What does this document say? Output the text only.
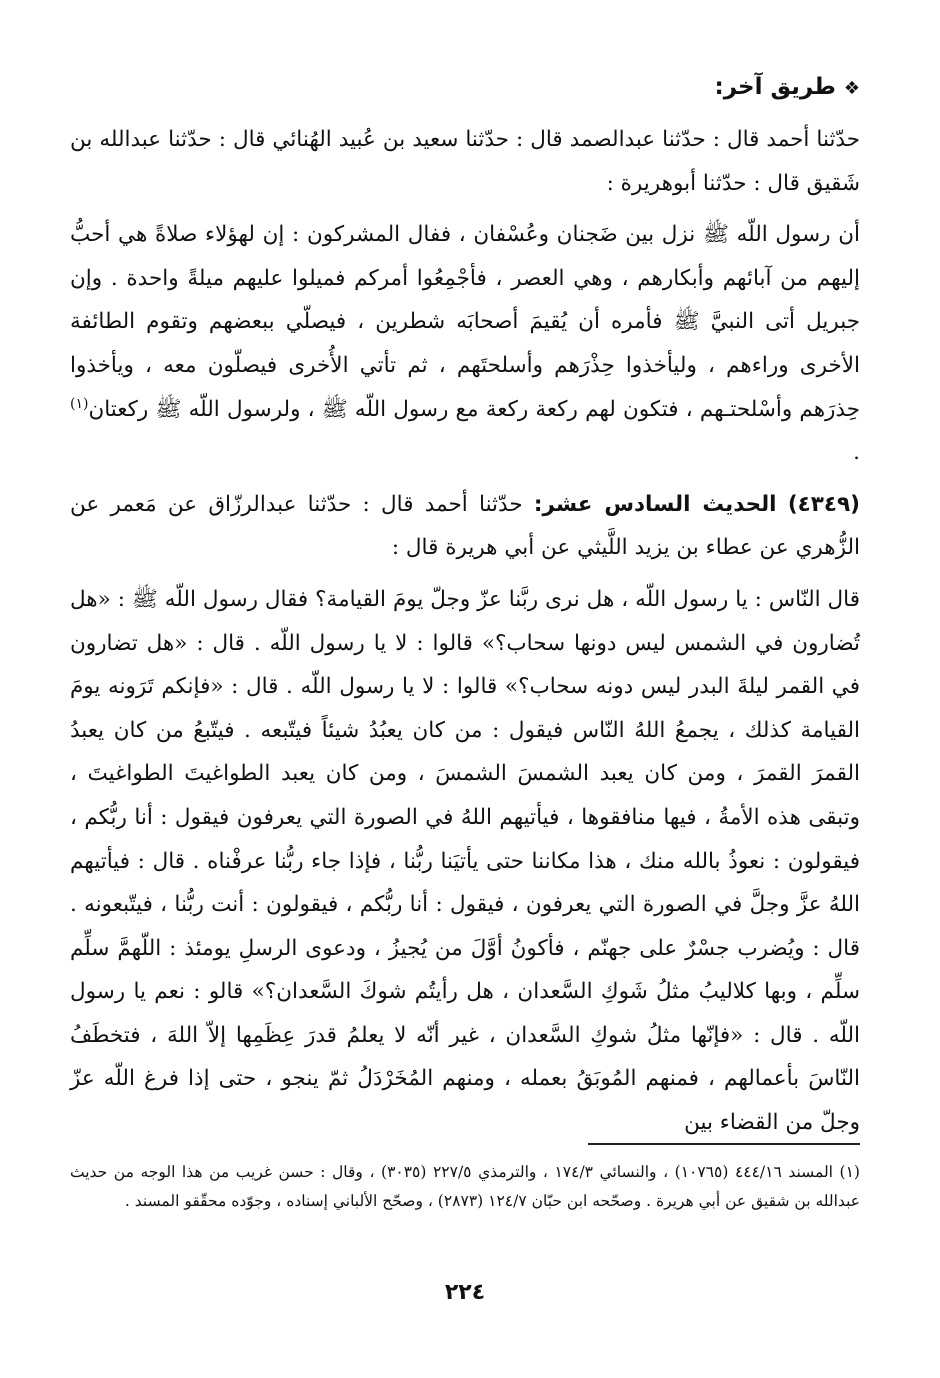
❖طريق آخر:

حدّثنا أحمد قال : حدّثنا عبدالصمد قال : حدّثنا سعيد بن عُبيد الهُنائي قال : حدّثنا عبدالله بن شَقيق قال : حدّثنا أبوهريرة :

أن رسول اللّه ﷺ نزل بين ضَجنان وعُسْفان ، ففال المشركون : إن لهؤلاء صلاةً هي أحبُّ إليهم من آبائهم وأبكارهم ، وهي العصر ، فأجْمِعُوا أمركم فميلوا عليهم ميلةً واحدة . وإن جبريل أتى النبيَّ ﷺ فأمره أن يُقيمَ أصحابَه شطرين ، فيصلّي ببعضهم وتقوم الطائفة الأخرى وراءهم ، وليأخذوا حِذْرَهم وأسلحتَهم ، ثم تأتي الأُخرى فيصلّون معه ، ويأخذوا حِذرَهم وأسْلحتـهم ، فتكون لهم ركعة ركعة مع رسول اللّه ﷺ ، ولرسول اللّه ﷺ ركعتان$^{(١)}$ .

(٤٣٤٩) الحديث السادس عشر: حدّثنا أحمد قال : حدّثنا عبدالرزّاق عن مَعمر عن الزُّهري عن عطاء بن يزيد اللَّيثي عن أبي هريرة قال :

قال النّاس : يا رسول اللّه ، هل نرى ربَّنا عزّ وجلّ يومَ القيامة؟ فقال رسول اللّه ﷺ : «هل تُضارون في الشمس ليس دونها سحاب؟» قالوا : لا يا رسول اللّه . قال : «هل تضارون في القمر ليلةَ البدر ليس دونه سحاب؟» قالوا : لا يا رسول اللّه . قال : «فإنكم تَرَونه يومَ القيامة كذلك ، يجمعُ اللهُ النّاس فيقول : من كان يعبُدُ شيئاً فيتّبعه . فيتّبعُ من كان يعبدُ القمرَ القمرَ ، ومن كان يعبد الشمسَ الشمسَ ، ومن كان يعبد الطواغيتَ الطواغيتَ ، وتبقى هذه الأمةُ ، فيها منافقوها ، فيأتيهم اللهُ في الصورة التي يعرفون فيقول : أنا ربُّكم ، فيقولون : نعوذُ بالله منك ، هذا مكاننا حتى يأتيَنا ربُّنا ، فإذا جاء ربُّنا عرفْناه . قال : فيأتيهم اللهُ عزَّ وجلَّ في الصورة التي يعرفون ، فيقول : أنا ربُّكم ، فيقولون : أنت ربُّنا ، فيتّبعونه . قال : ويُضرب جسْرٌ على جهنّم ، فأكونُ أوَّلَ من يُجيزُ ، ودعوى الرسلِ يومئذ : اللّهمَّ سلِّم سلِّم ، وبها كلاليبُ مثلُ شَوكِ السَّعدان ، هل رأيتُم شوكَ السَّعدان؟» قالو : نعم يا رسول اللّه . قال : «فإنّها مثلُ شوكِ السَّعدان ، غير أنّه لا يعلمُ قدرَ عِظَمِها إلاّ اللهَ ، فتخطَفُ النّاسَ بأعمالهم ، فمنهم المُوبَقُ بعمله ، ومنهم المُخَرْدَلُ ثمّ ينجو ، حتى إذا فرغ اللّه عزّ وجلّ من القضاء بين

(١) المسند ٤٤٤/١٦ (١٠٧٦٥) ، والنسائي ١٧٤/٣ ، والترمذي ٢٢٧/٥ (٣٠٣٥) ، وقال : حسن غريب من هذا الوجه من حديث عبدالله بن شقيق عن أبي هريرة . وصحّحه ابن حبّان ١٢٤/٧ (٢٨٧٣) ، وصحّح الألباني إسناده ، وجوّده محقّقو المسند .

٢٢٤
